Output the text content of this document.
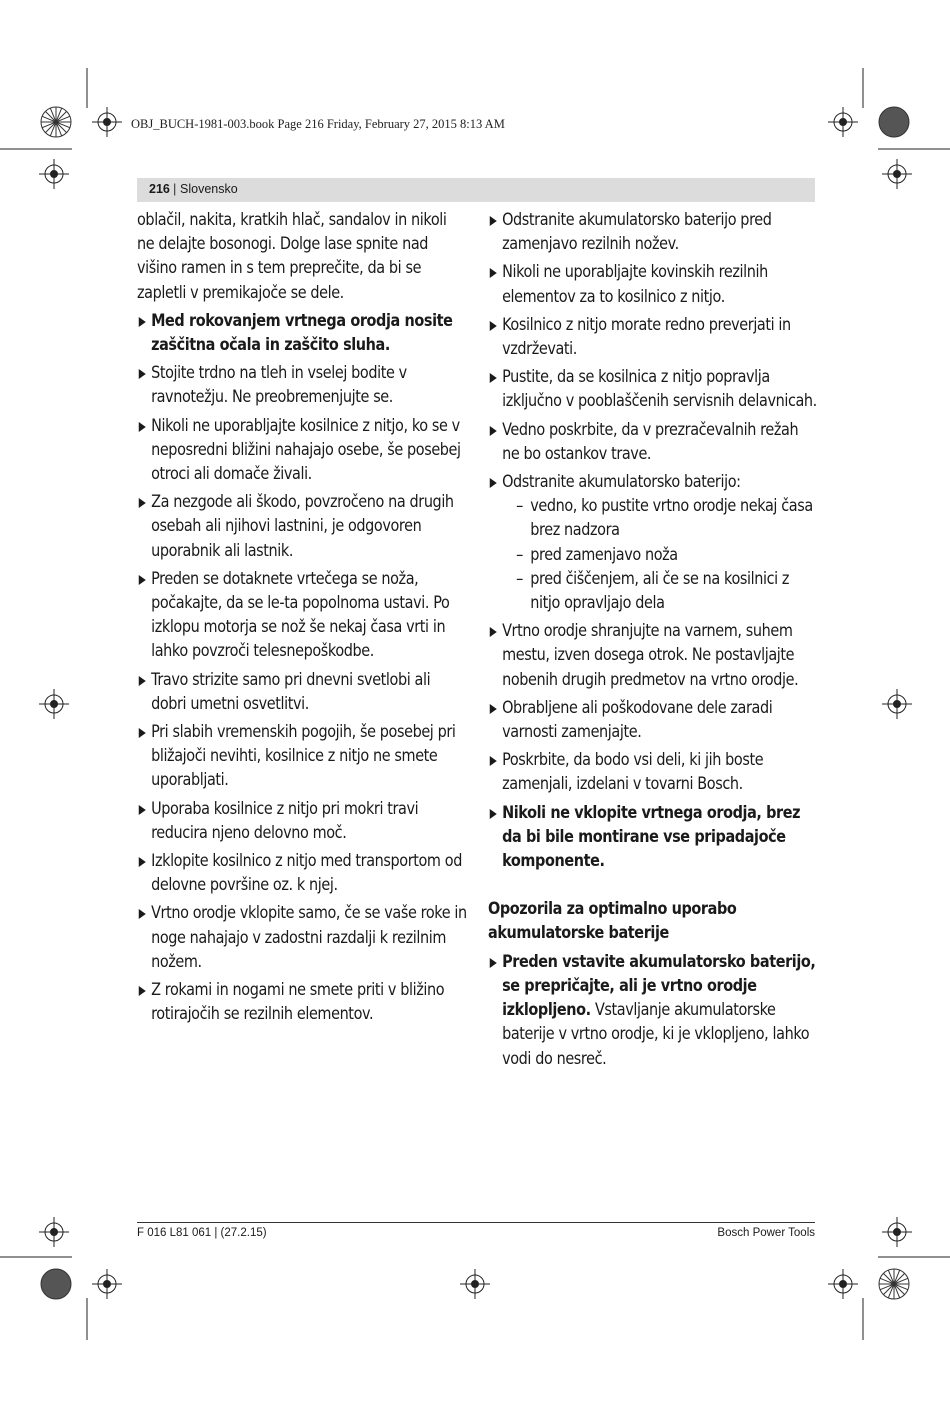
OBJ_BUCH-1981-003.book Page 216 Friday, February 27, 2015 8:13 AM
216 | Slovensko

oblačil, nakita, kratkih hlač, sandalov in nikoli ne delajte bosonogi. Dolge lase spnite nad višino ramen in s tem preprečite, da bi se zapletli v premikajoče se dele.

Med rokovanjem vrtnega orodja nosite zaščitna očala in zaščito sluha.
Stojite trdno na tleh in vselej bodite v ravnotežju. Ne preobremenjujte se.
Nikoli ne uporabljajte kosilnice z nitjo, ko se v neposredni bližini nahajajo osebe, še posebej otroci ali domače živali.
Za nezgode ali škodo, povzročeno na drugih osebah ali njihovi lastnini, je odgovoren uporabnik ali lastnik.
Preden se dotaknete vrtečega se noža, počakajte, da se le-ta popolnoma ustavi. Po izklopu motorja se nož še nekaj časa vrti in lahko povzroči telesnepoškodbe.
Travo strizite samo pri dnevni svetlobi ali dobri umetni osvetlitvi.
Pri slabih vremenskih pogojih, še posebej pri bližajoči nevihti, kosilnice z nitjo ne smete uporabljati.
Uporaba kosilnice z nitjo pri mokri travi reducira njeno delovno moč.
Izklopite kosilnico z nitjo med transportom od delovne površine oz. k njej.
Vrtno orodje vklopite samo, če se vaše roke in noge nahajajo v zadostni razdalji k rezilnim nožem.
Z rokami in nogami ne smete priti v bližino rotirajočih se rezilnih elementov.
Odstranite akumulatorsko baterijo pred zamenjavo rezilnih nožev.
Nikoli ne uporabljajte kovinskih rezilnih elementov za to kosilnico z nitjo.
Kosilnico z nitjo morate redno preverjati in vzdrževati.
Pustite, da se kosilnica z nitjo popravlja izključno v pooblaščenih servisnih delavnicah.
Vedno poskrbite, da v prezračevalnih režah ne bo ostankov trave.
Odstranite akumulatorsko baterijo:

– vedno, ko pustite vrtno orodje nekaj časa brez nadzora

– pred zamenjavo noža

– pred čiščenjem, ali če se na kosilnici z nitjo opravljajo dela

Vrtno orodje shranjujte na varnem, suhem mestu, izven dosega otrok. Ne postavljajte nobenih drugih predmetov na vrtno orodje.
Obrabljene ali poškodovane dele zaradi varnosti zamenjajte.
Poskrbite, da bodo vsi deli, ki jih boste zamenjali, izdelani v tovarni Bosch.
Nikoli ne vklopite vrtnega orodja, brez da bi bile montirane vse pripadajoče komponente.

Opozorila za optimalno uporabo akumulatorske baterije

Preden vstavite akumulatorsko baterijo, se prepričajte, ali je vrtno orodje izklopljeno. Vstavljanje akumulatorske baterije v vrtno orodje, ki je vklopljeno, lahko vodi do nesreč.
F 016 L81 061 | (27.2.15)	Bosch Power Tools
